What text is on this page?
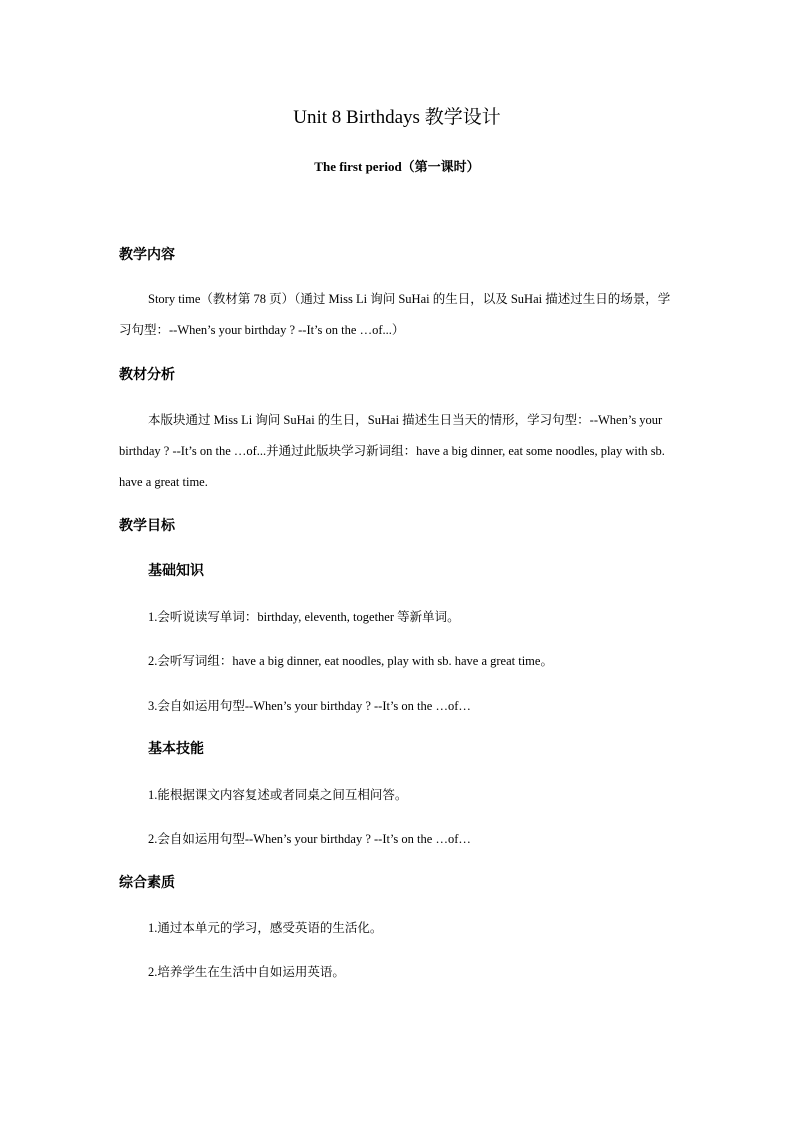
Unit 8 Birthdays 教学设计
The first period（第一课时）
教学内容
Story time（教材第 78 页）（通过 Miss Li 询问 SuHai 的生日，以及 SuHai 描述过生日的场景，学习句型：--When’s your birthday ? --It’s on the …of...）
教材分析
本版块通过 Miss Li 询问 SuHai 的生日，SuHai 描述生日当天的情形，学习句型：--When’s your birthday ? --It’s on the …of...并通过此版块学习新词组：have a big dinner, eat some noodles, play with sb. have a great time.
教学目标
基础知识
1.会听说读写单词：birthday, eleventh, together 等新单词。
2.会听写词组：have a big dinner, eat noodles, play with sb. have a great time。
3.会自如运用句型--When’s your birthday ? --It’s on the …of…
基本技能
1.能根据课文内容复述或者同桌之间互相问答。
2.会自如运用句型--When’s your birthday ? --It’s on the …of…
综合素质
1.通过本单元的学习，感受英语的生活化。
2.培养学生在生活中自如运用英语。
